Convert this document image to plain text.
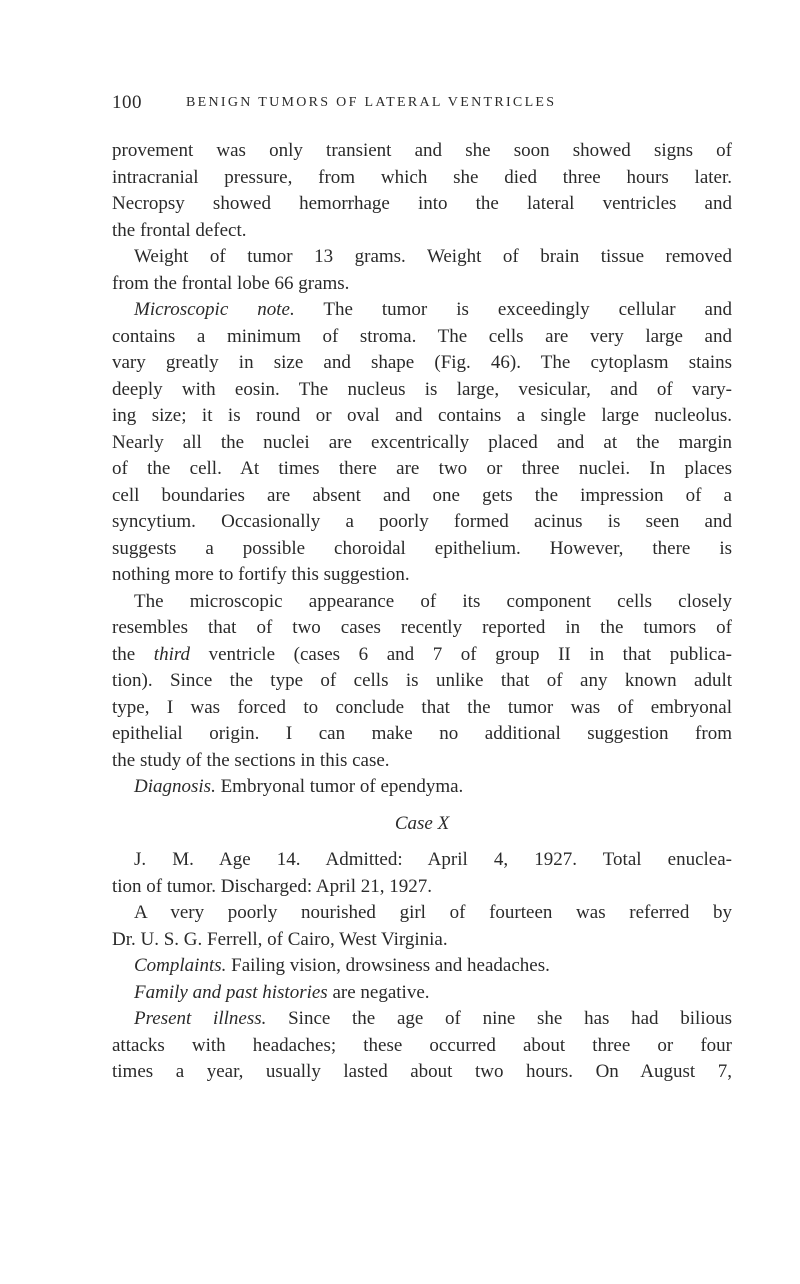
100	BENIGN TUMORS OF LATERAL VENTRICLES
provement was only transient and she soon showed signs of
intracranial pressure, from which she died three hours later.
Necropsy showed hemorrhage into the lateral ventricles and
the frontal defect.
Weight of tumor 13 grams. Weight of brain tissue removed
from the frontal lobe 66 grams.
Microscopic note. The tumor is exceedingly cellular and
contains a minimum of stroma. The cells are very large and
vary greatly in size and shape (Fig. 46). The cytoplasm stains
deeply with eosin. The nucleus is large, vesicular, and of vary-
ing size; it is round or oval and contains a single large nucleolus.
Nearly all the nuclei are excentrically placed and at the margin
of the cell. At times there are two or three nuclei. In places
cell boundaries are absent and one gets the impression of a
syncytium. Occasionally a poorly formed acinus is seen and
suggests a possible choroidal epithelium. However, there is
nothing more to fortify this suggestion.
The microscopic appearance of its component cells closely
resembles that of two cases recently reported in the tumors of
the third ventricle (cases 6 and 7 of group II in that publica-
tion). Since the type of cells is unlike that of any known adult
type, I was forced to conclude that the tumor was of embryonal
epithelial origin. I can make no additional suggestion from
the study of the sections in this case.
Diagnosis. Embryonal tumor of ependyma.
Case X
J. M. Age 14. Admitted: April 4, 1927. Total enuclea-
tion of tumor. Discharged: April 21, 1927.
A very poorly nourished girl of fourteen was referred by
Dr. U. S. G. Ferrell, of Cairo, West Virginia.
Complaints. Failing vision, drowsiness and headaches.
Family and past histories are negative.
Present illness. Since the age of nine she has had bilious
attacks with headaches; these occurred about three or four
times a year, usually lasted about two hours. On August 7,
